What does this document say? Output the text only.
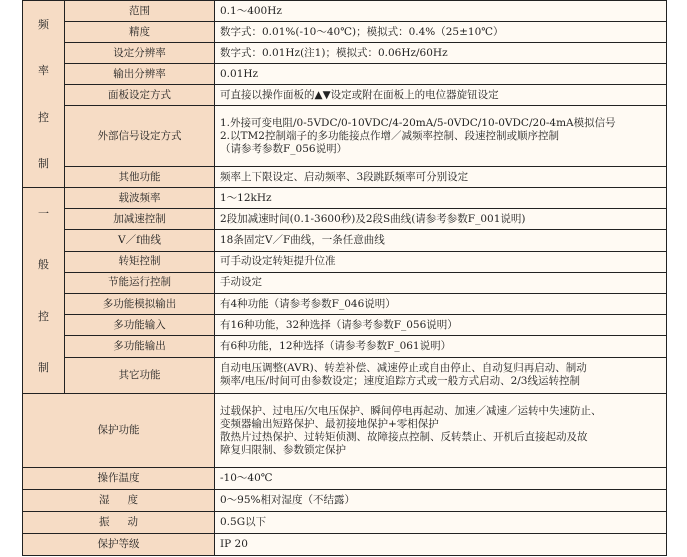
频
率
控
制	范围	0.1～400Hz

	精度	数字式：0.01%(-10～40℃)；模拟式：0.4%（25±10℃）

	设定分辨率	数字式：0.01Hz(注1)；模拟式：0.06Hz/60Hz

	输出分辨率	0.01Hz

	面板设定方式	可直接以操作面板的▲▼设定或附在面板上的电位器旋钮设定

	外部信号设定方式	1.外接可变电阻/0-5VDC/0-10VDC/4-20mA/5-0VDC/10-0VDC/20-4mA模拟信号
2.以TM2控制端子的多功能接点作增／减频率控制、段速控制或顺序控制
（请参考参数F_056说明）

	其他功能	频率上下限设定、启动频率、3段跳跃频率可分别设定

一
般
控
制	载波频率	1～12kHz

	加减速控制	2段加减速时间(0.1-3600秒)及2段S曲线(请参考参数F_001说明)

	V／f曲线	18条固定V／F曲线，一条任意曲线

	转矩控制	可手动设定转矩提升位准

	节能运行控制	手动设定

	多功能模拟输出	有4种功能（请参考参数F_046说明）

	多功能输入	有16种功能，32种选择（请参考参数F_056说明）

	多功能输出	有6种功能，12种选择（请参考参数F_061说明）

	其它功能	自动电压调整(AVR)、转差补偿、减速停止或自由停止、自动复归再启动、制动
频率/电压/时间可由参数设定；速度追踪方式或一般方式启动、2/3线运转控制

保护功能		过载保护、过电压/欠电压保护、瞬间停电再起动、加速／减速／运转中失速防止、
变频器输出短路保护、最初接地保护+零相保护
散热片过热保护、过转矩侦测、故障接点控制、反转禁止、开机后直接起动及故
障复归限制、参数锁定保护

操作温度		-10～40℃

湿度		0～95%相对湿度（不结露）

振动		0.5G以下

保护等级		IP 20
